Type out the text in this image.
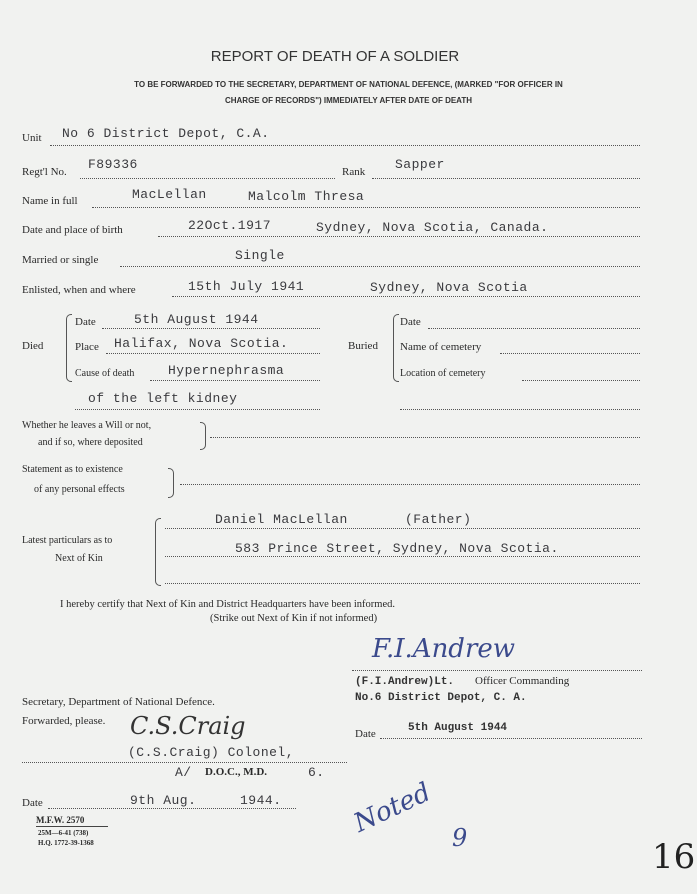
REPORT OF DEATH OF A SOLDIER
TO BE FORWARDED TO THE SECRETARY, DEPARTMENT OF NATIONAL DEFENCE, (MARKED "FOR OFFICER IN
CHARGE OF RECORDS") IMMEDIATELY AFTER DATE OF DEATH
Unit No 6 District Depot, C.A.
Regt'l No. F89336	Rank Sapper
Name in full	MacLellan	Malcolm Thresa
Date and place of birth	22Oct.1917	Sydney, Nova Scotia, Canada.
Married or single	Single
Enlisted, when and where	15th July 1941	Sydney, Nova Scotia
Died
Date	5th August 1944
Place Halifax, Nova Scotia.
Cause of death	Hypernephrasma
of the left kidney
Buried
Date
Name of cemetery
Location of cemetery
Whether he leaves a Will or not,
and if so, where deposited
Statement as to existence
of any personal effects
Latest particulars as to
Next of Kin
Daniel MacLellan	(Father)
583 Prince Street, Sydney, Nova Scotia.
I hereby certify that Next of Kin and District Headquarters have been informed.
(Strike out Next of Kin if not informed)
F.I.Andrew
(F.I.Andrew)Lt. Officer Commanding
No.6 District Depot, C. A.
Date	5th August 1944
Secretary, Department of National Defence.
Forwarded, please. C.S.Craig
(C.S.Craig) Colonel,
A/ D.O.C., M.D.	6.
Date	9th Aug.	1944.
M.F.W. 2570
25M—6-41 (738)
H.Q. 1772-39-1368
Noted 9	16
